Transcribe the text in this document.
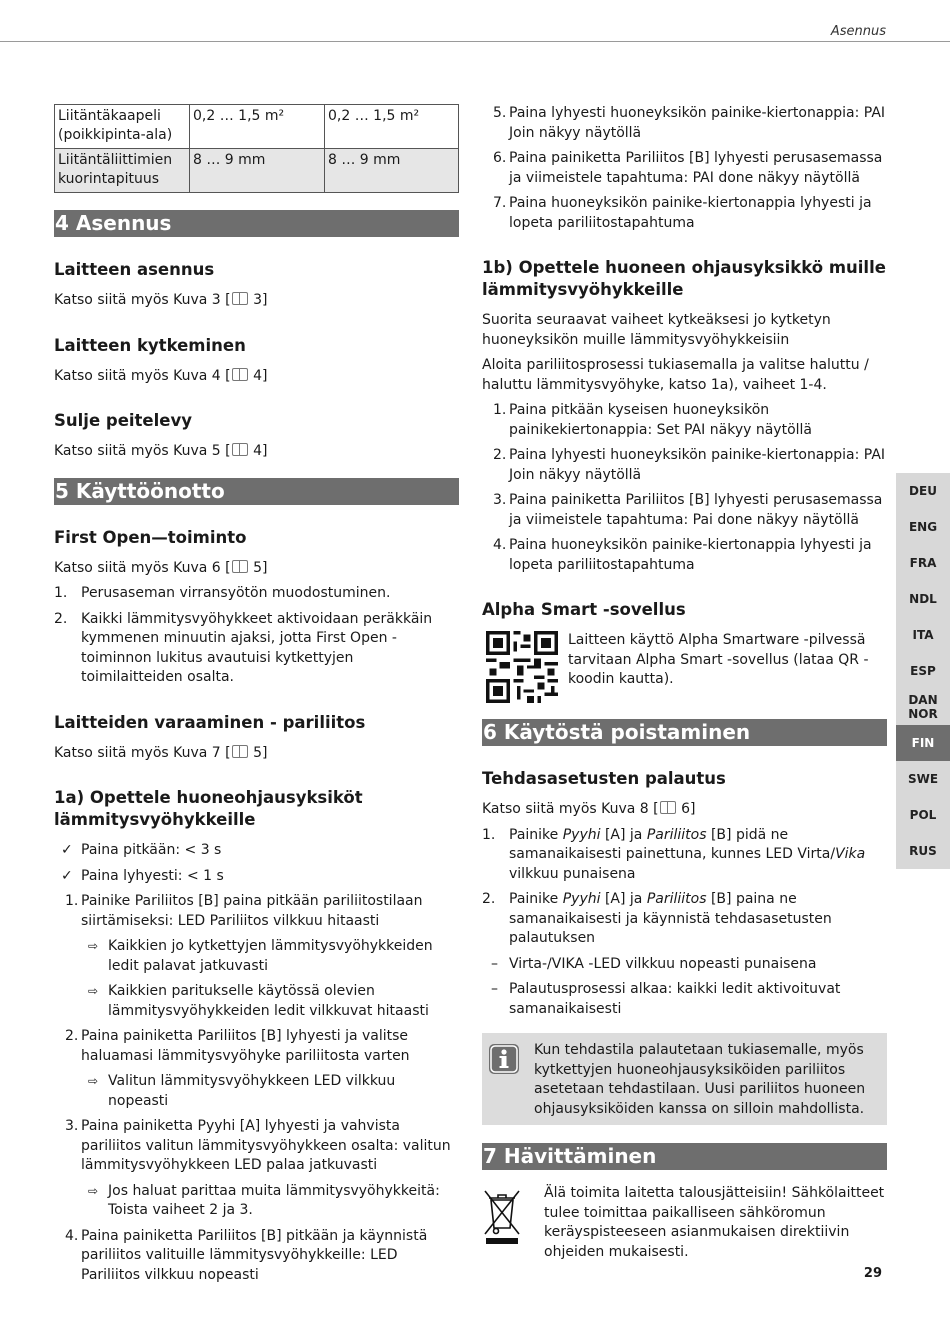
Asennus
Liitäntäkaapeli (poikkipinta-ala)	0,2 … 1,5 m²	0,2 … 1,5 m²
Liitäntäliittimien kuorintapituus	8 … 9 mm	8 … 9 mm
4 Asennus
Laitteen asennus

Katso siitä myös Kuva 3 [ 3]

Laitteen kytkeminen

Katso siitä myös Kuva 4 [ 4]

Sulje peitelevy

Katso siitä myös Kuva 5 [ 4]

5 Käyttöönotto
First Open—toiminto

Katso siitä myös Kuva 6 [ 5]

1. Perusaseman virransyötön muodostuminen.
2. Kaikki lämmitysvyöhykkeet aktivoidaan peräkkäin kymmenen minuutin ajaksi, jotta First Open -toiminnon lukitus avautuisi kytkettyjen toimilaitteiden osalta.
Laitteiden varaaminen - pariliitos

Katso siitä myös Kuva 7 [ 5]

1a) Opettele huoneohjausyksiköt lämmitysvyöhykkeille
✓ Paina pitkään: < 3 s
✓ Paina lyhyesti: < 1 s
1. Painike Pariliitos [B] paina pitkään pariliitostilaan siirtämiseksi: LED Pariliitos vilkkuu hitaasti
⇨ Kaikkien jo kytkettyjen lämmitysvyöhykkeiden ledit palavat jatkuvasti
⇨ Kaikkien paritukselle käytössä olevien lämmitysvyöhykkeiden ledit vilkkuvat hitaasti
2. Paina painiketta Pariliitos [B] lyhyesti ja valitse haluamasi lämmitysvyöhyke pariliitosta varten
⇨ Valitun lämmitysvyöhykkeen LED vilkkuu nopeasti
3. Paina painiketta Pyyhi [A] lyhyesti ja vahvista pariliitos valitun lämmitysvyöhykkeen osalta: valitun lämmitysvyöhykkeen LED palaa jatkuvasti
⇨ Jos haluat parittaa muita lämmitysvyöhykkeitä: Toista vaiheet 2 ja 3.
4. Paina painiketta Pariliitos [B] pitkään ja käynnistä pariliitos valituille lämmitysvyöhykkeille: LED Pariliitos vilkkuu nopeasti
5. Paina lyhyesti huoneyksikön painike-kiertonappia: PAI Join näkyy näytöllä
6. Paina painiketta Pariliitos [B] lyhyesti perusasemassa ja viimeistele tapahtuma: PAI done näkyy näytöllä
7. Paina huoneyksikön painike-kiertonappia lyhyesti ja lopeta pariliitostapahtuma
1b) Opettele huoneen ohjausyksikkö muille lämmitysvyöhykkeille

Suorita seuraavat vaiheet kytkeäksesi jo kytketyn huoneyksikön muille lämmitysvyöhykkeisiin

Aloita pariliitosprosessi tukiasemalla ja valitse haluttu / haluttu lämmitysvyöhyke, katso 1a), vaiheet 1-4.

1. Paina pitkään kyseisen huoneyksikön painikekiertonappia: Set PAI näkyy näytöllä
2. Paina lyhyesti huoneyksikön painike-kiertonappia: PAI Join näkyy näytöllä
3. Paina painiketta Pariliitos [B] lyhyesti perusasemassa ja viimeistele tapahtuma: Pai done näkyy näytöllä
4. Paina huoneyksikön painike-kiertonappia lyhyesti ja lopeta pariliitostapahtuma
Alpha Smart -sovellus
Laitteen käyttö Alpha Smartware -pilvessä tarvitaan Alpha Smart -sovellus (lataa QR -koodin kautta).
6 Käytöstä poistaminen
Tehdasasetusten palautus

Katso siitä myös Kuva 8 [ 6]

1. Painike Pyyhi [A] ja Pariliitos [B] pidä ne samanaikaisesti painettuna, kunnes LED Virta/Vika vilkkuu punaisena
2. Painike Pyyhi [A] ja Pariliitos [B] paina ne samanaikaisesti ja käynnistä tehdasasetusten palautuksen
– Virta-/VIKA -LED vilkkuu nopeasti punaisena
– Palautusprosessi alkaa: kaikki ledit aktivoituvat samanaikaisesti
Kun tehdastila palautetaan tukiasemalle, myös kytkettyjen huoneohjausyksiköiden pariliitos asetetaan tehdastilaan. Uusi pariliitos huoneen ohjausyksiköiden kanssa on silloin mahdollista.
7 Hävittäminen
Älä toimita laitetta talousjätteisiin! Sähkölaitteet tulee toimittaa paikalliseen sähköromun keräyspisteeseen asianmukaisen direktiivin ohjeiden mukaisesti.
DEU
ENG
FRA
NDL
ITA
ESP
DAN
NOR
FIN
SWE
POL
RUS
29
